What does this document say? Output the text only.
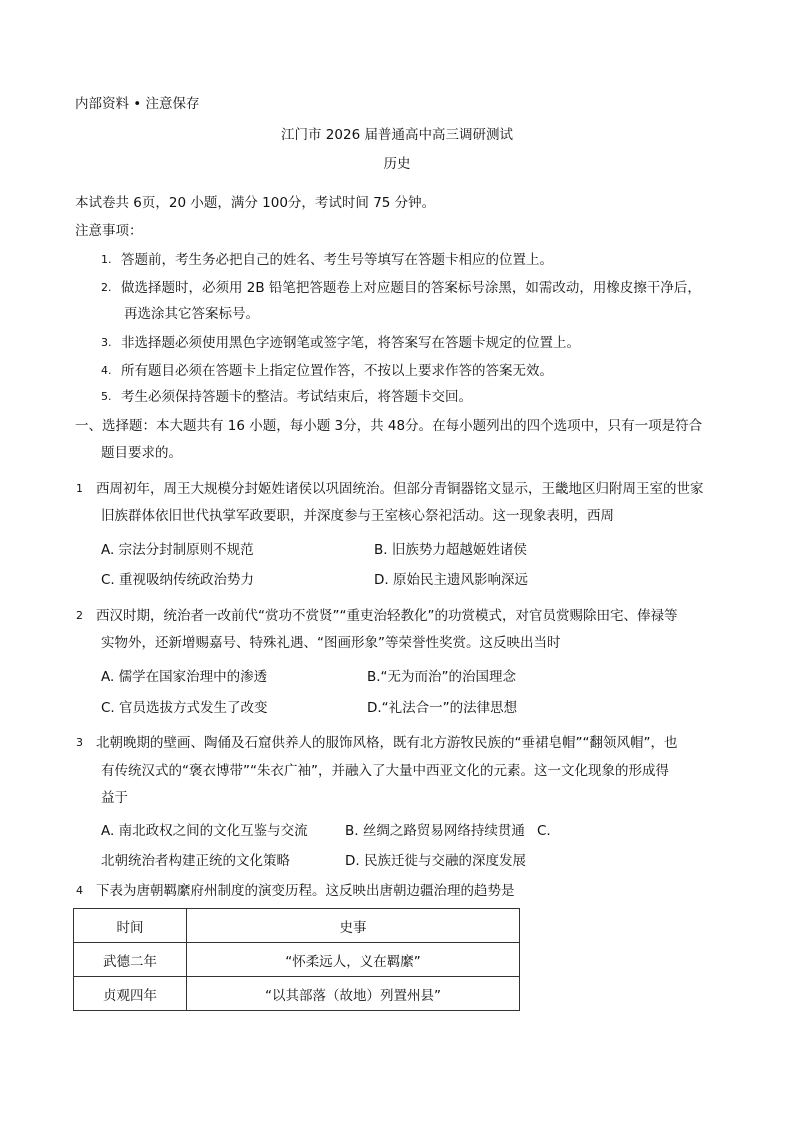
内部资料 • 注意保存
江门市 2026 届普通高中高三调研测试
历史
本试卷共 6页，20 小题，满分 100分，考试时间 75 分钟。
注意事项：
1. 答题前，考生务必把自己的姓名、考生号等填写在答题卡相应的位置上。
2. 做选择题时，必须用 2B 铅笔把答题卷上对应题目的答案标号涂黑，如需改动，用橡皮擦干净后，
再选涂其它答案标号。
3. 非选择题必须使用黑色字迹钢笔或签字笔，将答案写在答题卡规定的位置上。
4. 所有题目必须在答题卡上指定位置作答，不按以上要求作答的答案无效。
5. 考生必须保持答题卡的整洁。考试结束后，将答题卡交回。
一、选择题：本大题共有 16 小题，每小题 3分，共 48分。在每小题列出的四个选项中，只有一项是符合
题目要求的。
1 西周初年，周王大规模分封姬姓诸侯以巩固统治。但部分青铜器铭文显示，王畿地区归附周王室的世家
旧族群体依旧世代执掌军政要职，并深度参与王室核心祭祀活动。这一现象表明，西周
A. 宗法分封制原则不规范	B. 旧族势力超越姬姓诸侯
C. 重视吸纳传统政治势力	D. 原始民主遗风影响深远
2 西汉时期，统治者一改前代“赏功不赏贤”“重吏治轻教化”的功赏模式，对官员赏赐除田宅、俸禄等
实物外，还新增赐嘉号、特殊礼遇、“图画形象”等荣誉性奖赏。这反映出当时
A. 儒学在国家治理中的渗透	B.“无为而治”的治国理念
C. 官员选拔方式发生了改变	D.“礼法合一”的法律思想
3 北朝晚期的壁画、陶俑及石窟供养人的服饰风格，既有北方游牧民族的“垂裙皂帽”“翻领风帽”，也
有传统汉式的“褒衣博带”“朱衣广袖”，并融入了大量中西亚文化的元素。这一文化现象的形成得
益于
A. 南北政权之间的文化互鉴与交流	B. 丝绸之路贸易网络持续贯通 C.
北朝统治者构建正统的文化策略	D. 民族迁徙与交融的深度发展
4 下表为唐朝羁縻府州制度的演变历程。这反映出唐朝边疆治理的趋势是
时间	史事
武德二年	“怀柔远人，义在羁縻”
贞观四年	“以其部落（故地）列置州县”
